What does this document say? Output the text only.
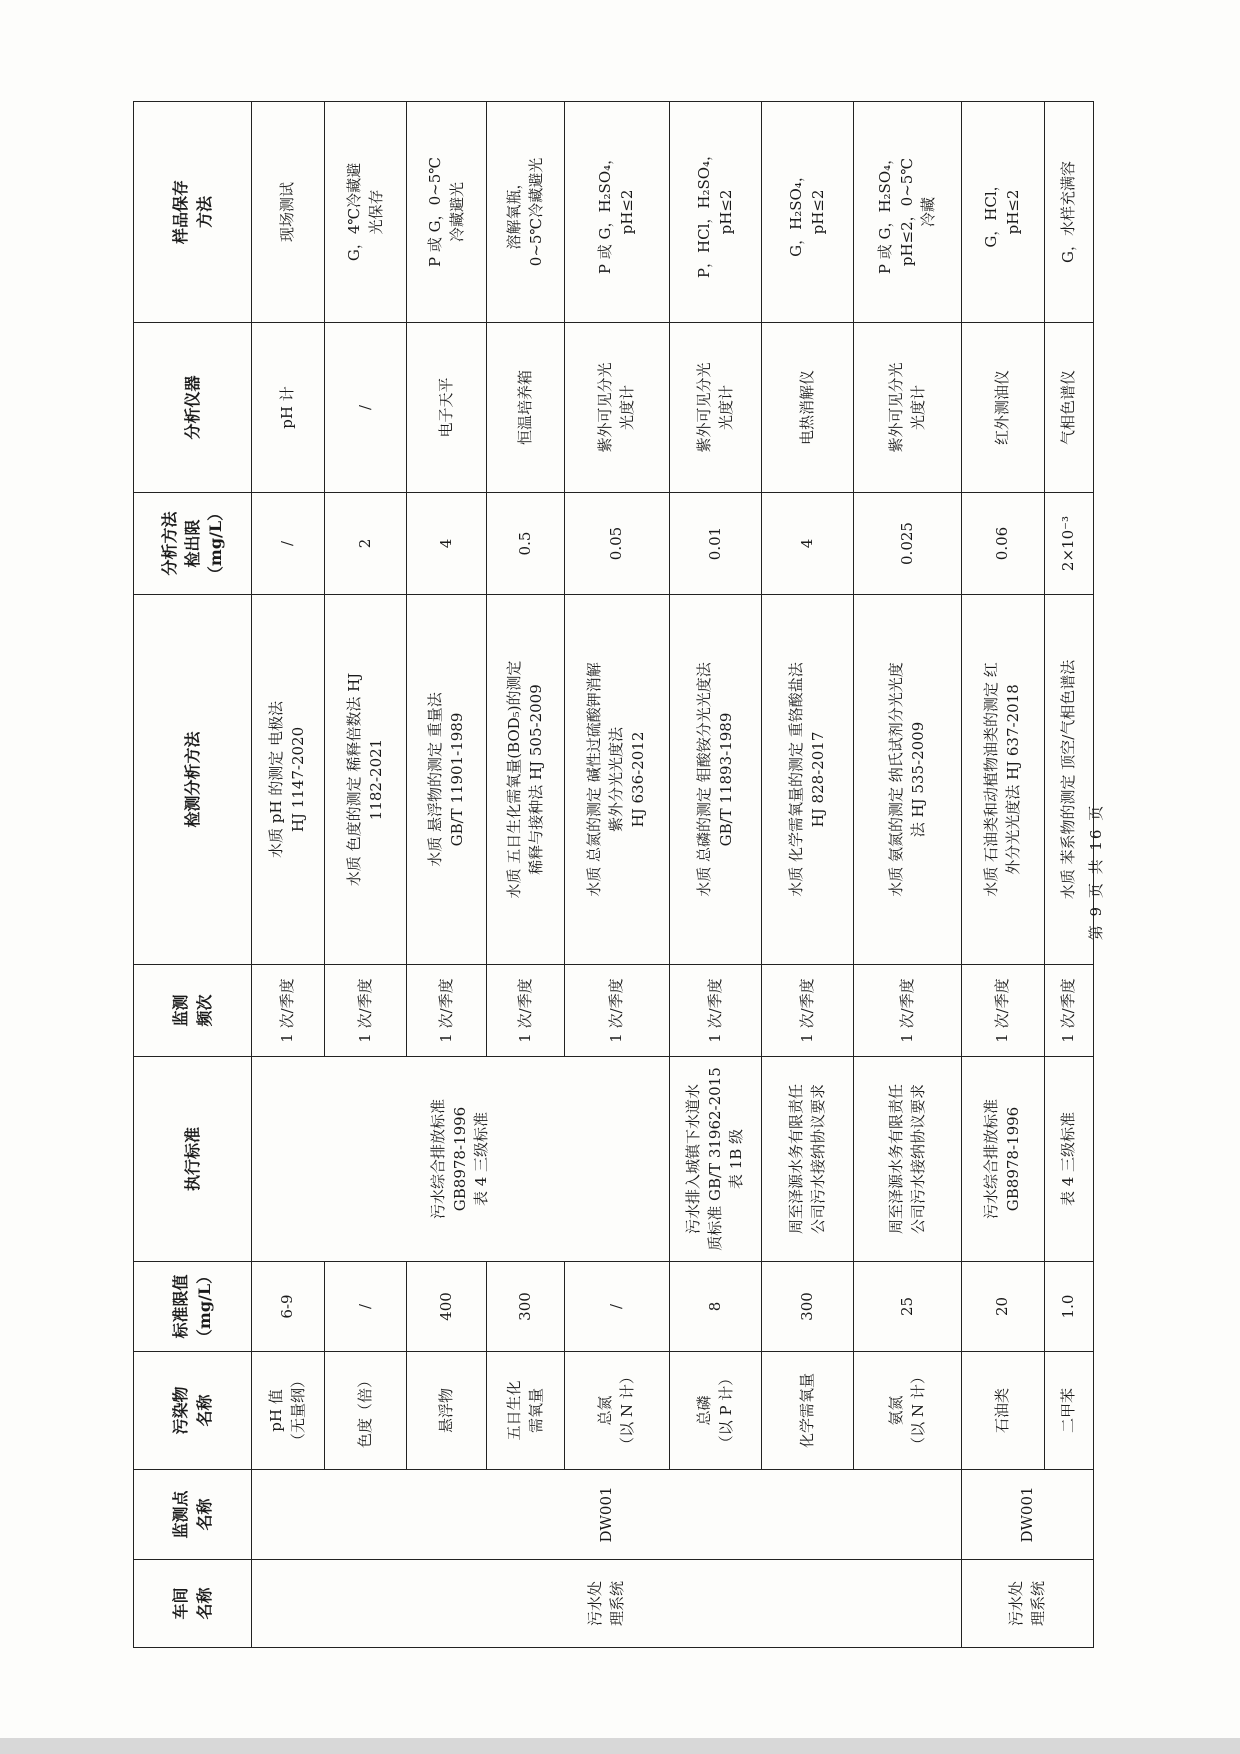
车间
名称	监测点
名称	污染物
名称	标准限值
（mg/L）	执行标准	监测
频次	检测分析方法	分析方法
检出限
（mg/L）	分析仪器	样品保存
方法

污水处
理系统	DW001	pH 值
（无量纲）	6-9	污水综合排放标准
GB8978-1996
表 4 三级标准	1 次/季度	水质 pH 的测定 电极法
HJ 1147-2020	/	pH 计	现场测试

		色度（倍）	/		1 次/季度	水质 色度的测定 稀释倍数法 HJ
1182-2021	2	/	G，4℃冷藏避
光保存

		悬浮物	400		1 次/季度	水质 悬浮物的测定 重量法
GB/T 11901-1989	4	电子天平	P 或 G，0~5℃
冷藏避光

		五日生化
需氧量	300		1 次/季度	水质 五日生化需氧量(BOD₅)的测定
稀释与接种法 HJ 505-2009	0.5	恒温培养箱	溶解氧瓶，
0~5℃冷藏避光

		总氮
（以 N 计）	/		1 次/季度	水质 总氮的测定 碱性过硫酸钾消解
紫外分光光度法
HJ 636-2012	0.05	紫外可见分光
光度计	P 或 G，H₂SO₄，
pH≤2

		总磷
（以 P 计）	8	污水排入城镇下水道水
质标准 GB/T 31962-2015
表 1B 级	1 次/季度	水质 总磷的测定 钼酸铵分光光度法
GB/T 11893-1989	0.01	紫外可见分光
光度计	P，HCl，H₂SO₄，
pH≤2

		化学需氧量	300	周至泽源水务有限责任
公司污水接纳协议要求	1 次/季度	水质 化学需氧量的测定 重铬酸盐法
HJ 828-2017	4	电热消解仪	G，H₂SO₄，
pH≤2

		氨氮
（以 N 计）	25	周至泽源水务有限责任
公司污水接纳协议要求	1 次/季度	水质 氨氮的测定 纳氏试剂分光光度
法 HJ 535-2009	0.025	紫外可见分光
光度计	P 或 G，H₂SO₄，
pH≤2，0~5℃
冷藏

污水处
理系统	DW001	石油类	20	污水综合排放标准
GB8978-1996	1 次/季度	水质 石油类和动植物油类的测定 红
外分光光度法 HJ 637-2018	0.06	红外测油仪	G，HCl，
pH≤2

		二甲苯	1.0	表 4 三级标准	1 次/季度	水质 苯系物的测定 顶空/气相色谱法	2×10⁻³	气相色谱仪	G，水样充满容
第 9 页 共 16 页
